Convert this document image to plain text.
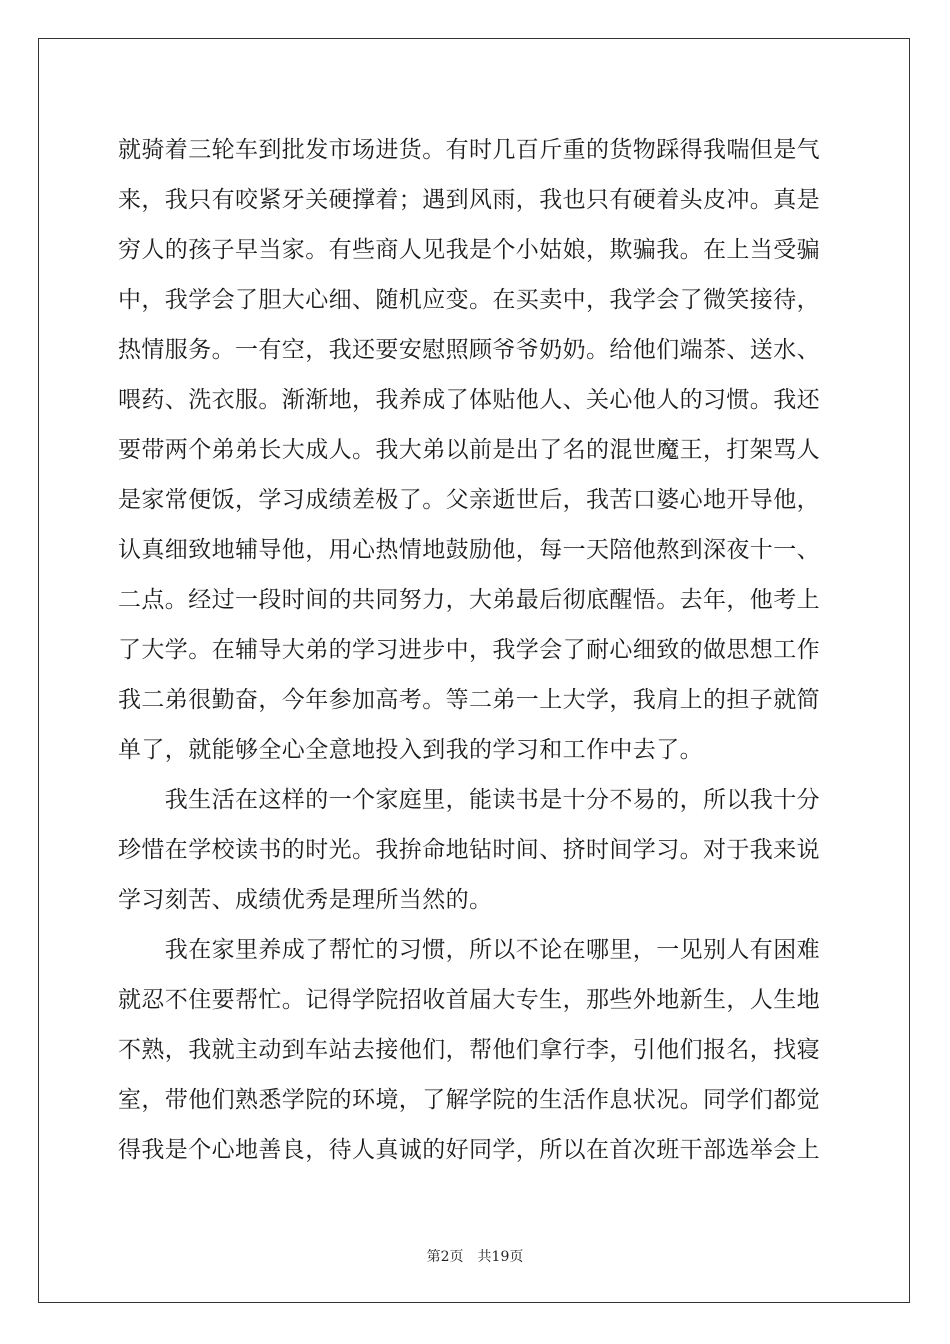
就骑着三轮车到批发市场进货。有时几百斤重的货物踩得我喘但是气
来，我只有咬紧牙关硬撑着；遇到风雨，我也只有硬着头皮冲。真是
穷人的孩子早当家。有些商人见我是个小姑娘，欺骗我。在上当受骗
中，我学会了胆大心细、随机应变。在买卖中，我学会了微笑接待，
热情服务。一有空，我还要安慰照顾爷爷奶奶。给他们端茶、送水、
喂药、洗衣服。渐渐地，我养成了体贴他人、关心他人的习惯。我还
要带两个弟弟长大成人。我大弟以前是出了名的混世魔王，打架骂人
是家常便饭，学习成绩差极了。父亲逝世后，我苦口婆心地开导他，
认真细致地辅导他，用心热情地鼓励他，每一天陪他熬到深夜十一、
二点。经过一段时间的共同努力，大弟最后彻底醒悟。去年，他考上
了大学。在辅导大弟的学习进步中，我学会了耐心细致的做思想工作
我二弟很勤奋，今年参加高考。等二弟一上大学，我肩上的担子就简
单了，就能够全心全意地投入到我的学习和工作中去了。
　　我生活在这样的一个家庭里，能读书是十分不易的，所以我十分
珍惜在学校读书的时光。我拚命地钻时间、挤时间学习。对于我来说
学习刻苦、成绩优秀是理所当然的。
　　我在家里养成了帮忙的习惯，所以不论在哪里，一见别人有困难
就忍不住要帮忙。记得学院招收首届大专生，那些外地新生，人生地
不熟，我就主动到车站去接他们，帮他们拿行李，引他们报名，找寝
室，带他们熟悉学院的环境，了解学院的生活作息状况。同学们都觉
得我是个心地善良，待人真诚的好同学，所以在首次班干部选举会上
第2页 共19页
